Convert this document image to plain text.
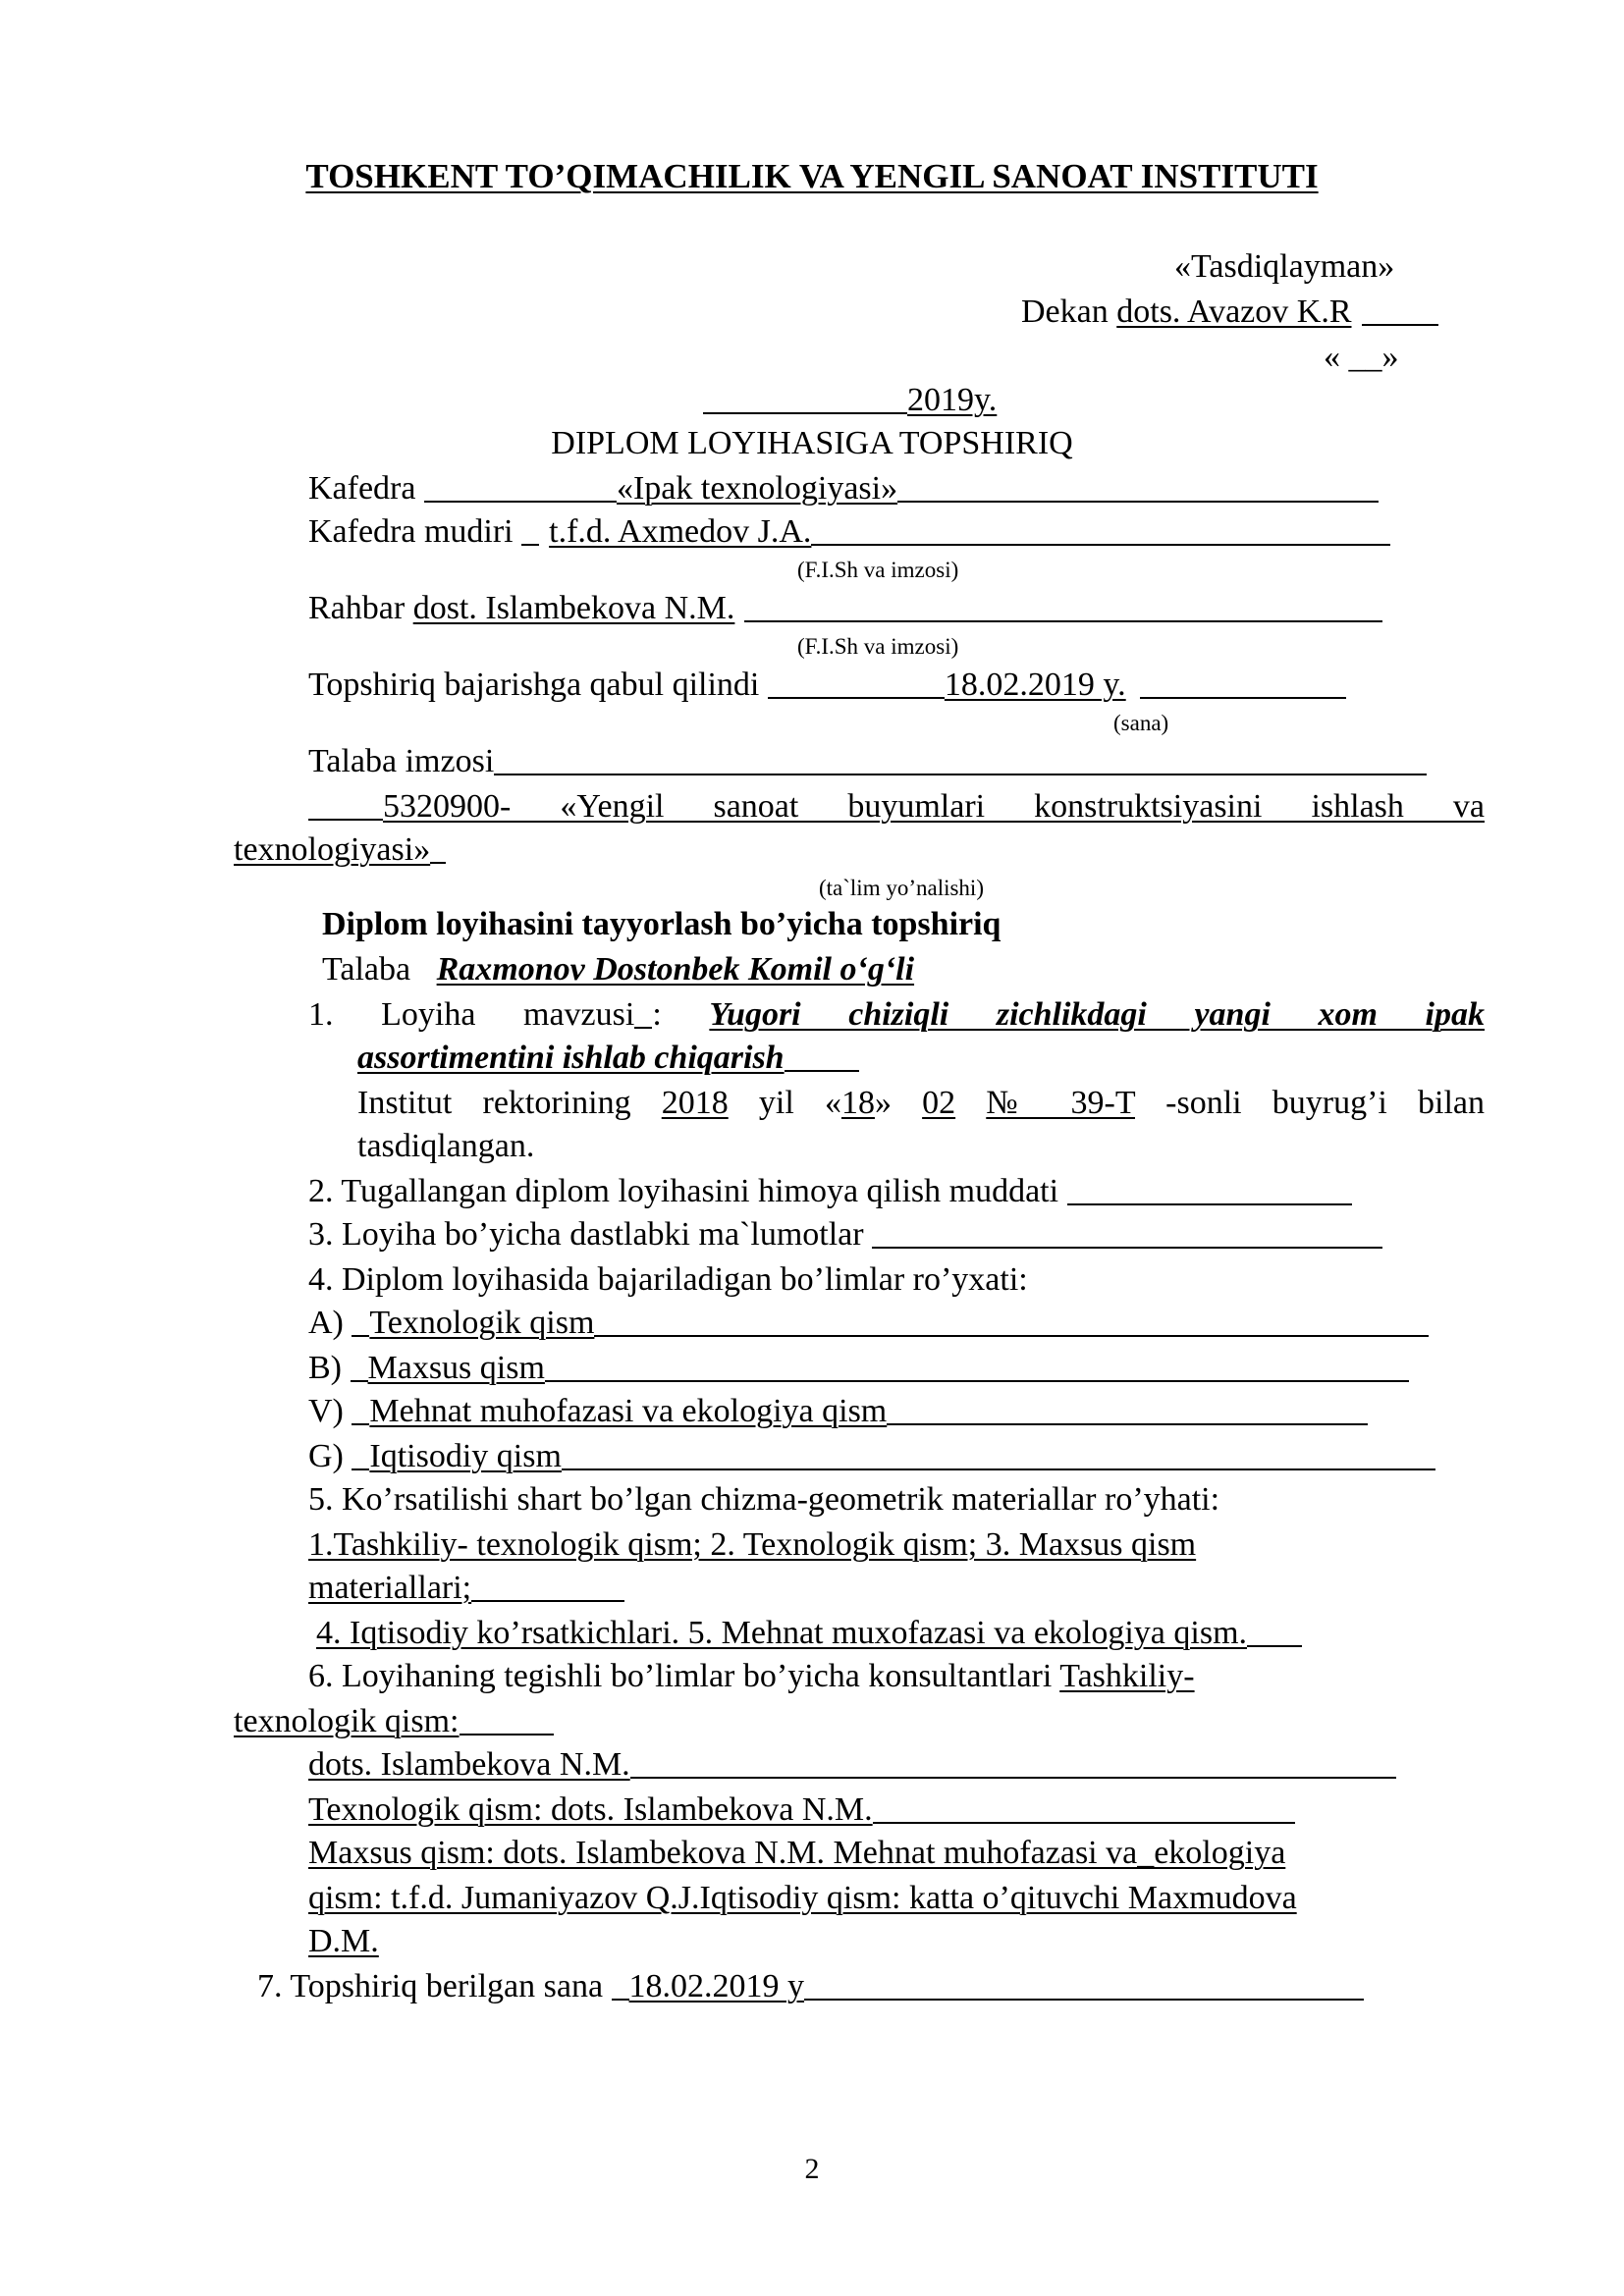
TOSHKENT TO’QIMACHILIK VA YENGIL SANOAT INSTITUTI
«Tasdiqlayman»
Dekan dots. Avazov K.R
« __»
2019y.
DIPLOM LOYIHASIGA TOPSHIRIQ
Kafedra	«Ipak texnologiyasi»
Kafedra mudiri t.f.d. Axmedov J.A.
(F.I.Sh va imzosi)
Rahbar dost. Islambekova N.M.
(F.I.Sh va imzosi)
Topshiriq bajarishga qabul qilindi	18.02.2019 y.
(sana)
Talaba imzosi
5320900- «Yengil sanoat buyumlari konstruktsiyasini ishlash va
texnologiyasi»
(ta`lim yo’nalishi)
Diplom loyihasini tayyorlash bo’yicha topshiriq
Talaba Raxmonov Dostonbek Komil o‘g‘li
1. Loyiha mavzusi : Yugori chiziqli zichlikdagi yangi xom ipak
assortimentini ishlab chiqarish
Institut rektorining 2018 yil «18» 02 № 39-T -sonli buyrug’i bilan
tasdiqlangan.
2. Tugallangan diplom loyihasini himoya qilish muddati
3. Loyiha bo’yicha dastlabki ma`lumotlar
4. Diplom loyihasida bajariladigan bo’limlar ro’yxati:
A) Texnologik qism
B) Maxsus qism
V) Mehnat muhofazasi va ekologiya qism
G) Iqtisodiy qism
5. Ko’rsatilishi shart bo’lgan chizma-geometrik materiallar ro’yhati:
1.Tashkiliy- texnologik qism; 2. Texnologik qism; 3. Maxsus qism
materiallari;
4. Iqtisodiy ko’rsatkichlari. 5. Mehnat muxofazasi va ekologiya qism.
6. Loyihaning tegishli bo’limlar bo’yicha konsultantlari Tashkiliy-
texnologik qism:
dots. Islambekova N.M.
Texnologik qism: dots. Islambekova N.M.
Maxsus qism: dots. Islambekova N.M. Mehnat muhofazasi va_ekologiya
qism: t.f.d. Jumaniyazov Q.J.Iqtisodiy qism: katta o’qituvchi Maxmudova
D.M.
7. Topshiriq berilgan sana 18.02.2019 y
2
